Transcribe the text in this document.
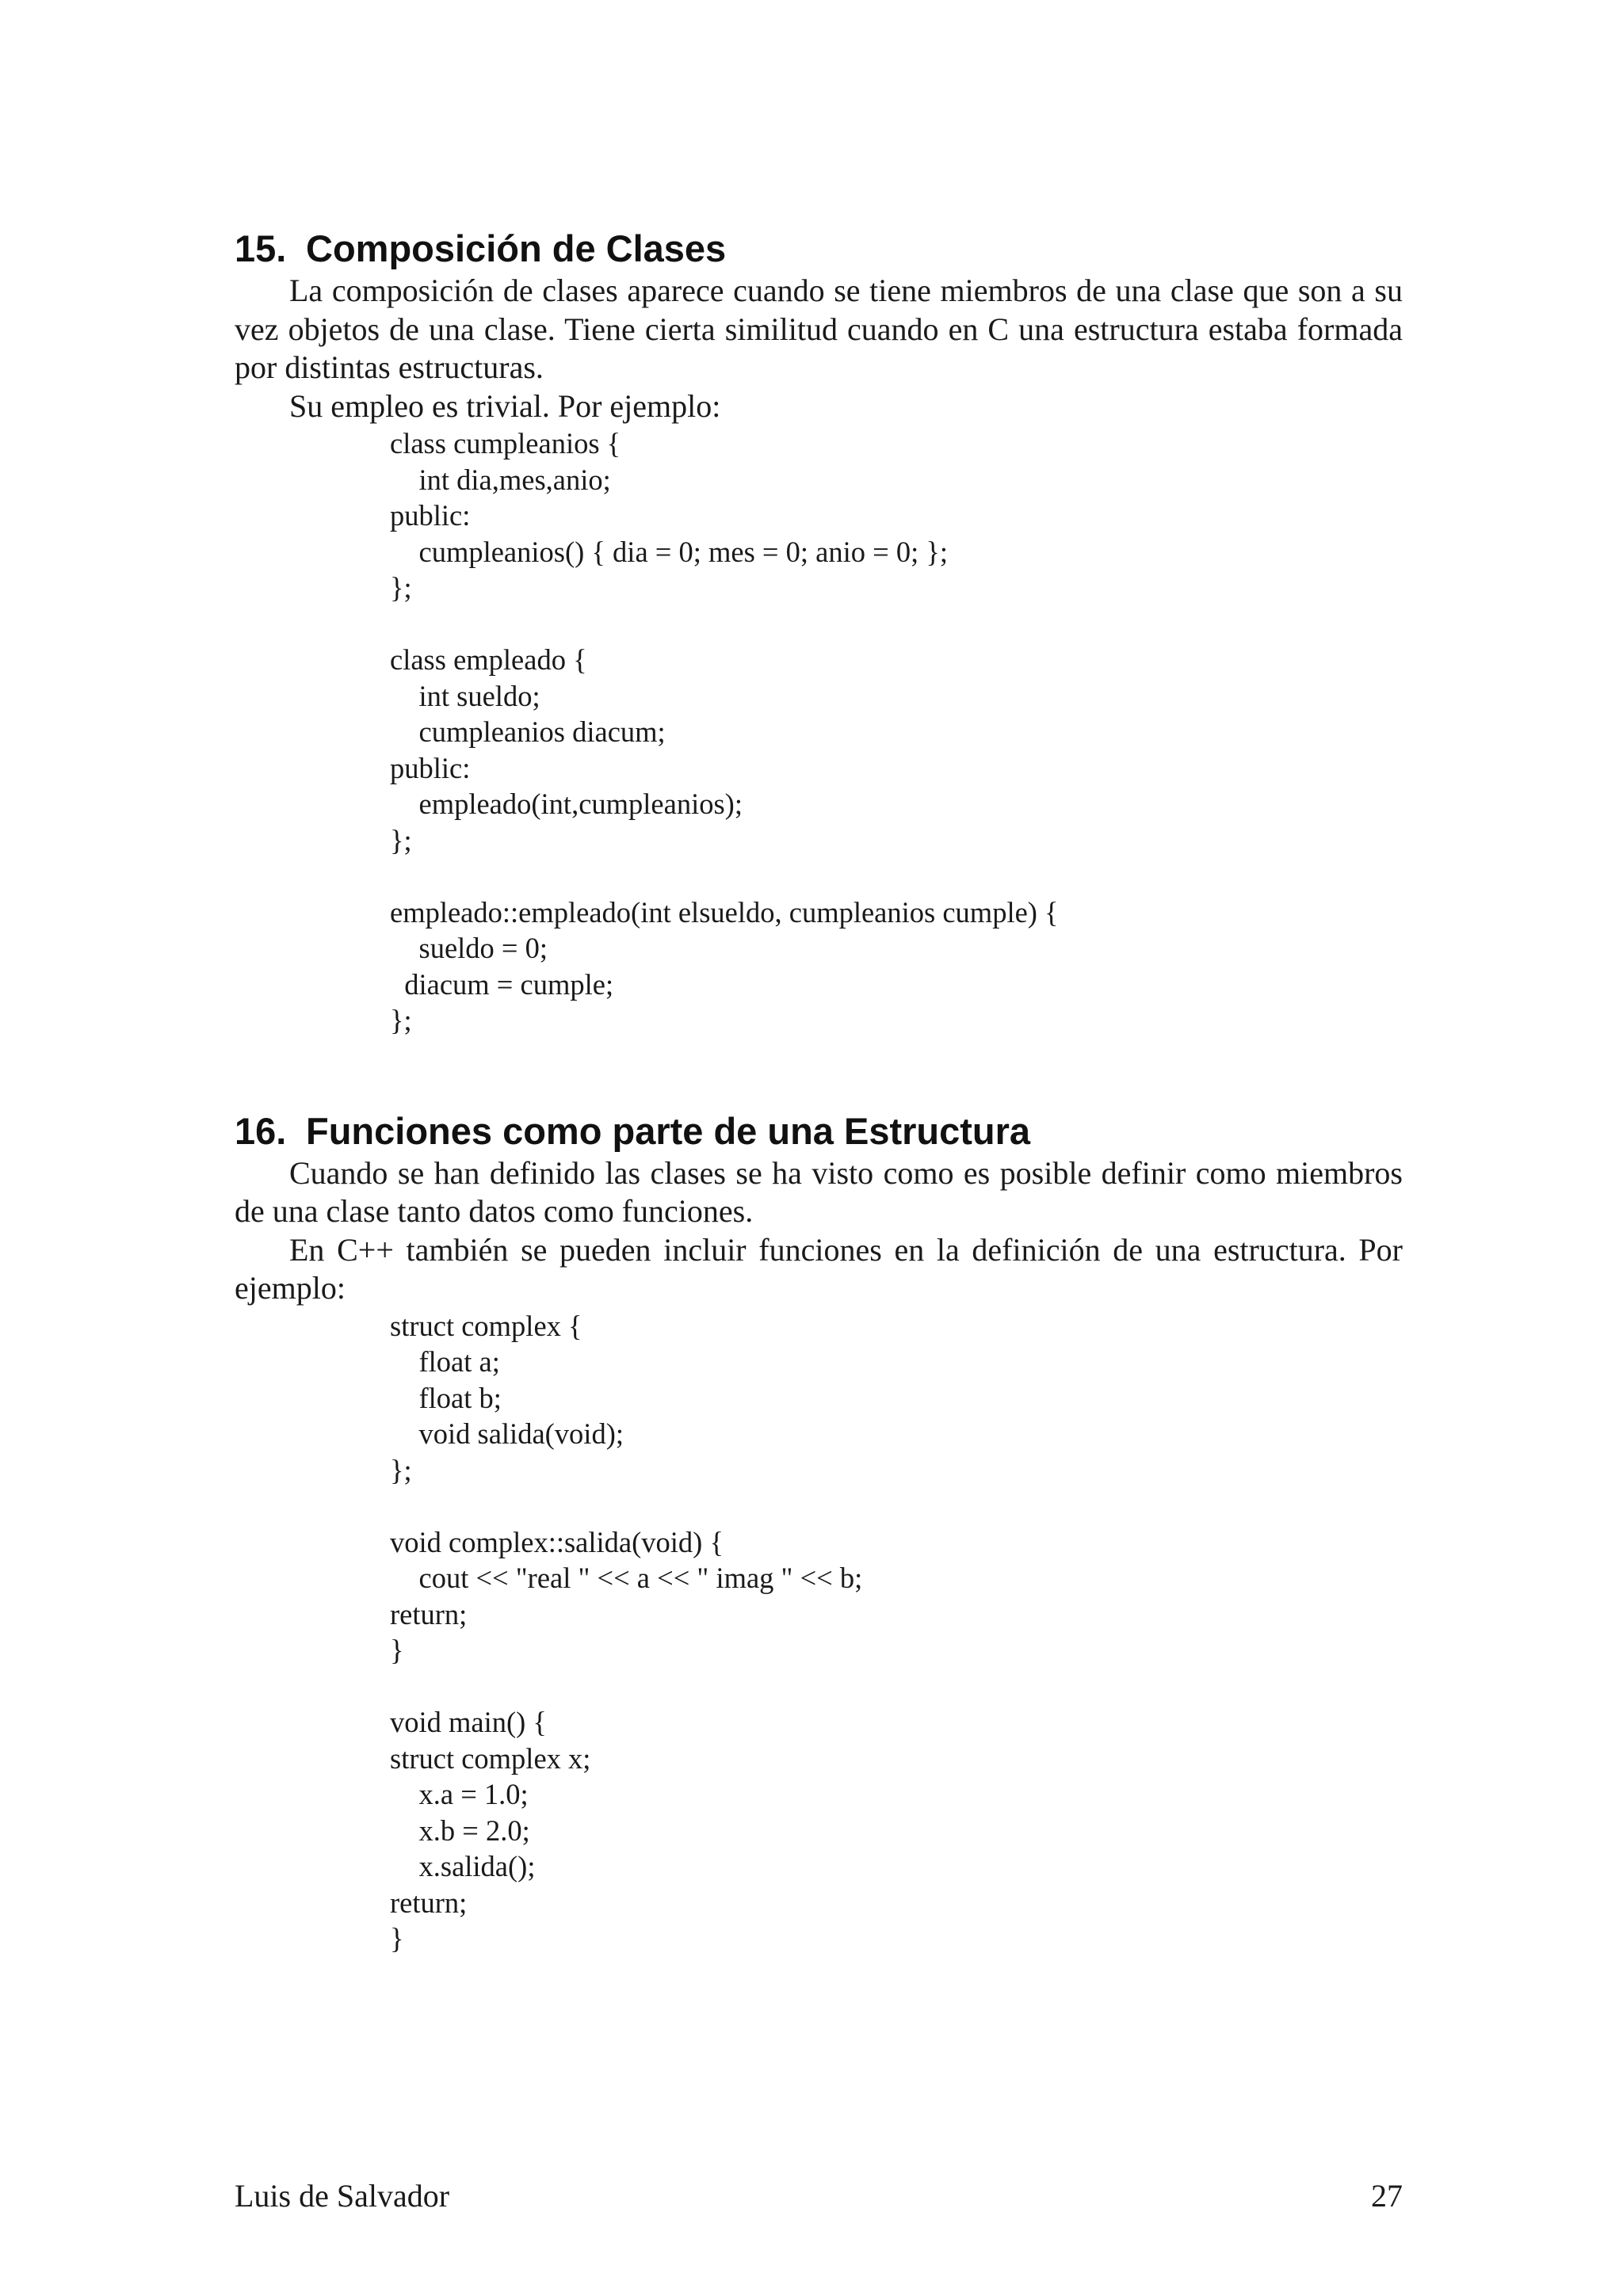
15. Composición de Clases

La composición de clases aparece cuando se tiene miembros de una clase que son a su vez objetos de una clase. Tiene cierta similitud cuando en C una estructura estaba formada por distintas estructuras.

Su empleo es trivial. Por ejemplo:

class cumpleanios {
int dia,mes,anio;
public:
cumpleanios() { dia = 0; mes = 0; anio = 0; };
};

class empleado {
int sueldo;
cumpleanios diacum;
public:
empleado(int,cumpleanios);
};

empleado::empleado(int elsueldo, cumpleanios cumple) {
sueldo = 0;
diacum = cumple;
};
16. Funciones como parte de una Estructura

Cuando se han definido las clases se ha visto como es posible definir como miembros de una clase tanto datos como funciones.

En C++ también se pueden incluir funciones en la definición de una estructura. Por ejemplo:

struct complex {
float a;
float b;
void salida(void);
};

void complex::salida(void) {
cout << "real " << a << " imag " << b;
return;
}

void main() {
struct complex x;
x.a = 1.0;
x.b = 2.0;
x.salida();
return;
}
Luis de Salvador	27
